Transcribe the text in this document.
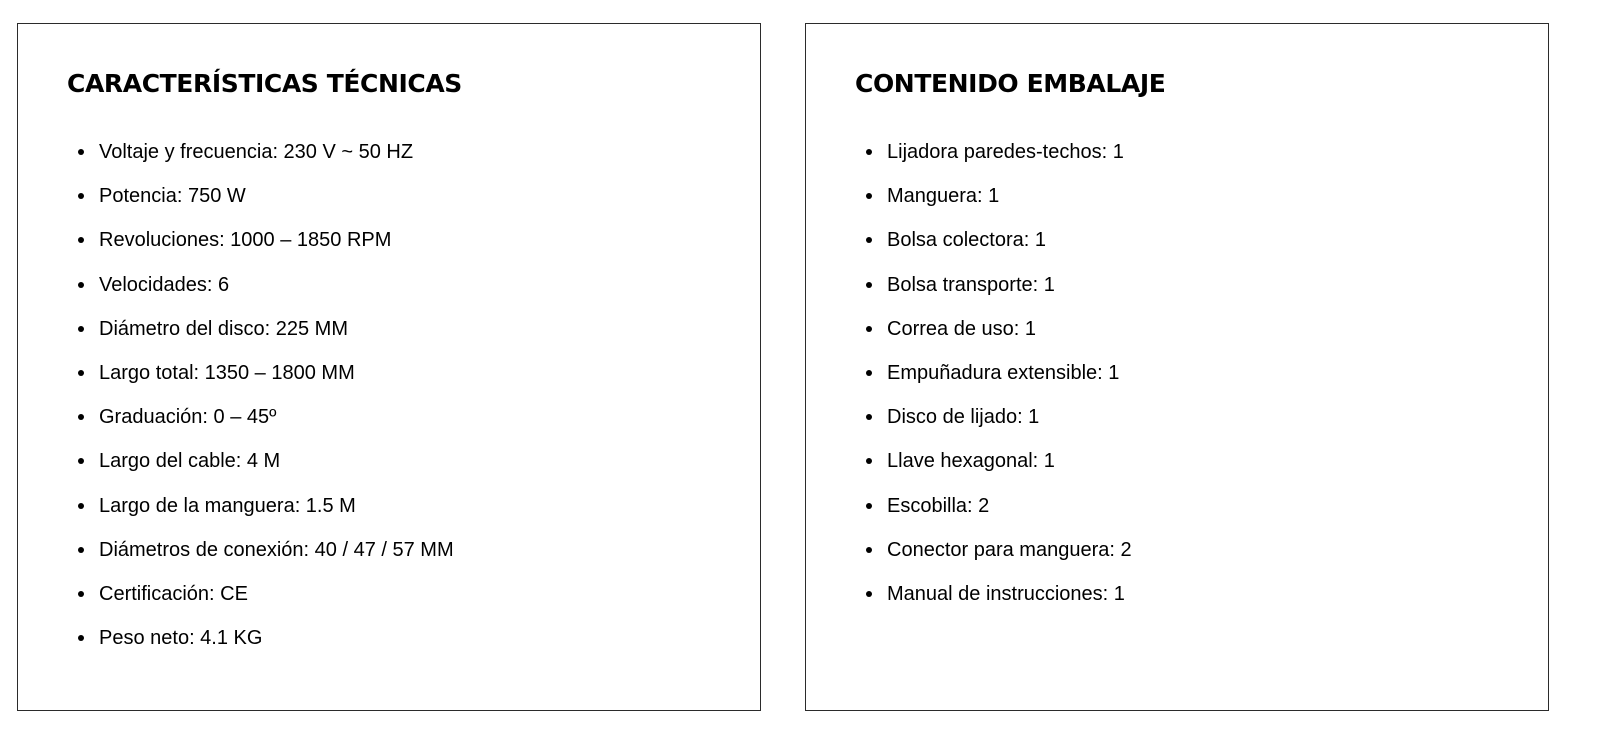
CARACTERÍSTICAS TÉCNICAS
Voltaje y frecuencia: 230 V ~ 50 HZ
Potencia: 750 W
Revoluciones: 1000 – 1850 RPM
Velocidades: 6
Diámetro del disco: 225 MM
Largo total: 1350 – 1800 MM
Graduación: 0 – 45º
Largo del cable: 4 M
Largo de la manguera: 1.5 M
Diámetros de conexión: 40 / 47 / 57 MM
Certificación: CE
Peso neto: 4.1 KG
CONTENIDO EMBALAJE
Lijadora paredes-techos: 1
Manguera: 1
Bolsa colectora: 1
Bolsa transporte: 1
Correa de uso: 1
Empuñadura extensible: 1
Disco de lijado: 1
Llave hexagonal: 1
Escobilla: 2
Conector para manguera: 2
Manual de instrucciones: 1
